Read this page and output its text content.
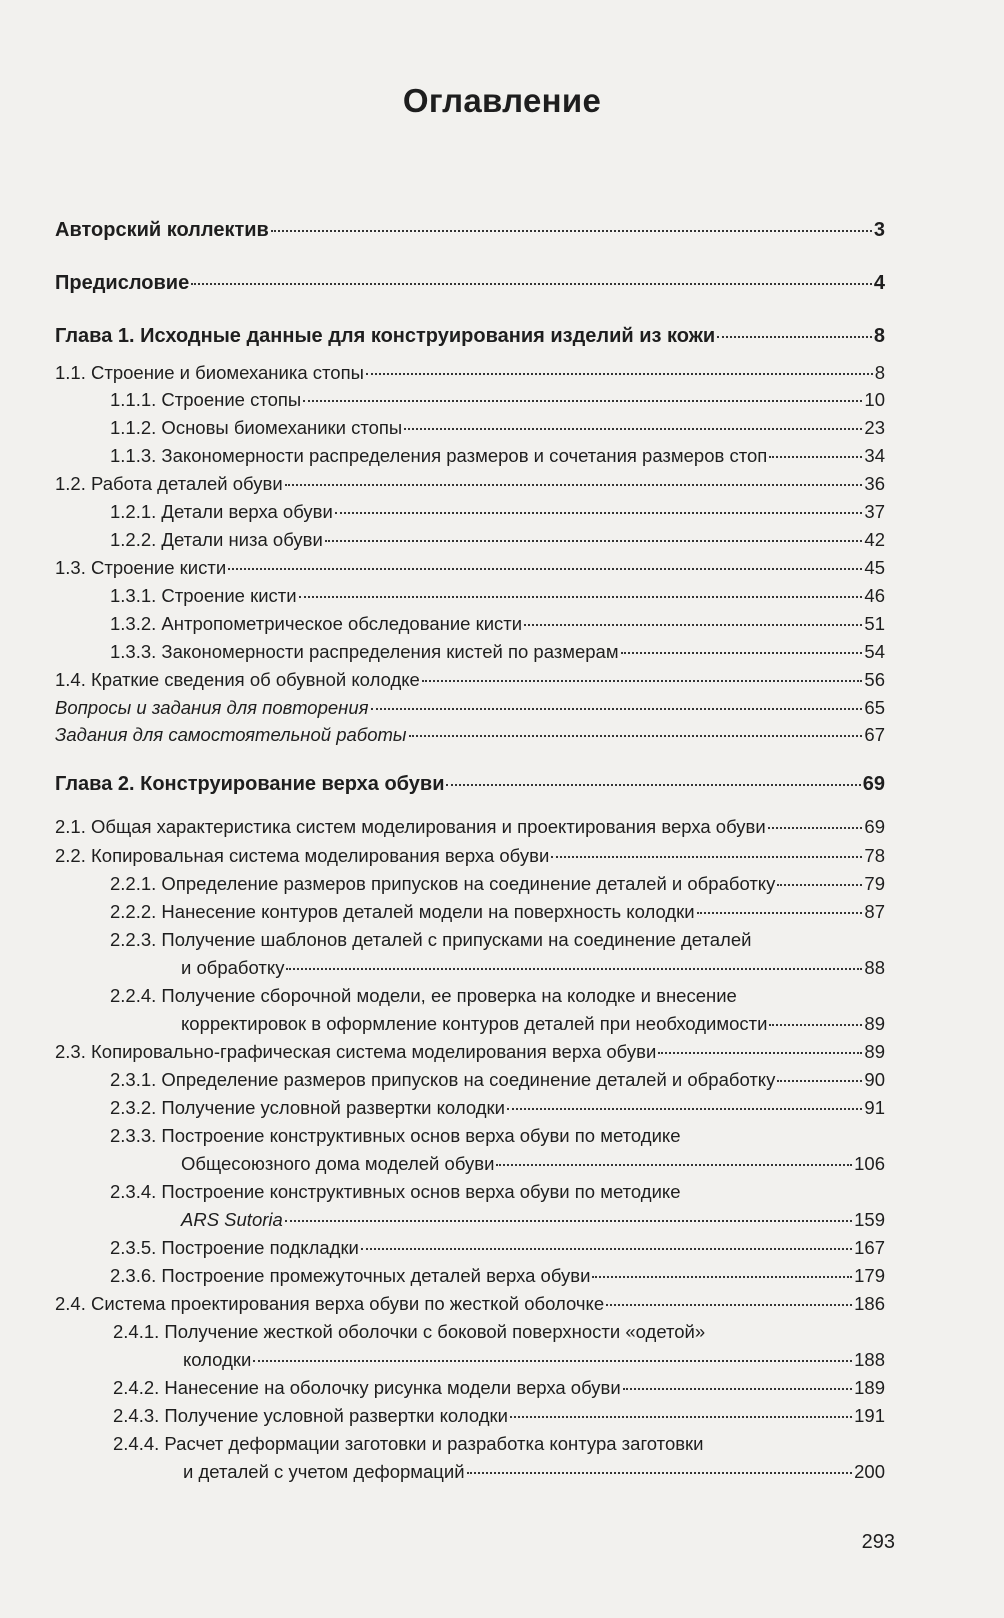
Оглавление
Авторский коллектив	3
Предисловие	4
Глава 1. Исходные данные для конструирования изделий из кожи	8
1.1. Строение и биомеханика стопы	8
1.1.1. Строение стопы	10
1.1.2. Основы биомеханики стопы	23
1.1.3. Закономерности распределения размеров и сочетания размеров стоп	34
1.2. Работа деталей обуви	36
1.2.1. Детали верха обуви	37
1.2.2. Детали низа обуви	42
1.3. Строение кисти	45
1.3.1. Строение кисти	46
1.3.2. Антропометрическое обследование кисти	51
1.3.3. Закономерности распределения кистей по размерам	54
1.4. Краткие сведения об обувной колодке	56
Вопросы и задания для повторения	65
Задания для самостоятельной работы	67
Глава 2. Конструирование верха обуви	69
2.1. Общая характеристика систем моделирования и проектирования верха обуви	69
2.2. Копировальная система моделирования верха обуви	78
2.2.1. Определение размеров припусков на соединение деталей и обработку	79
2.2.2. Нанесение контуров деталей модели на поверхность колодки	87
2.2.3. Получение шаблонов деталей с припусками на соединение деталей
и обработку	88
2.2.4. Получение сборочной модели, ее проверка на колодке и внесение
корректировок в оформление контуров деталей при необходимости	89
2.3. Копировально-графическая система моделирования верха обуви	89
2.3.1. Определение размеров припусков на соединение деталей и обработку	90
2.3.2. Получение условной развертки колодки	91
2.3.3. Построение конструктивных основ верха обуви по методике
Общесоюзного дома моделей обуви	106
2.3.4. Построение конструктивных основ верха обуви по методике
ARS Sutoria	159
2.3.5. Построение подкладки	167
2.3.6. Построение промежуточных деталей верха обуви	179
2.4. Система проектирования верха обуви по жесткой оболочке	186
2.4.1. Получение жесткой оболочки с боковой поверхности «одетой»
колодки	188
2.4.2. Нанесение на оболочку рисунка модели верха обуви	189
2.4.3. Получение условной развертки колодки	191
2.4.4. Расчет деформации заготовки и разработка контура заготовки
и деталей с учетом деформаций	200
293
